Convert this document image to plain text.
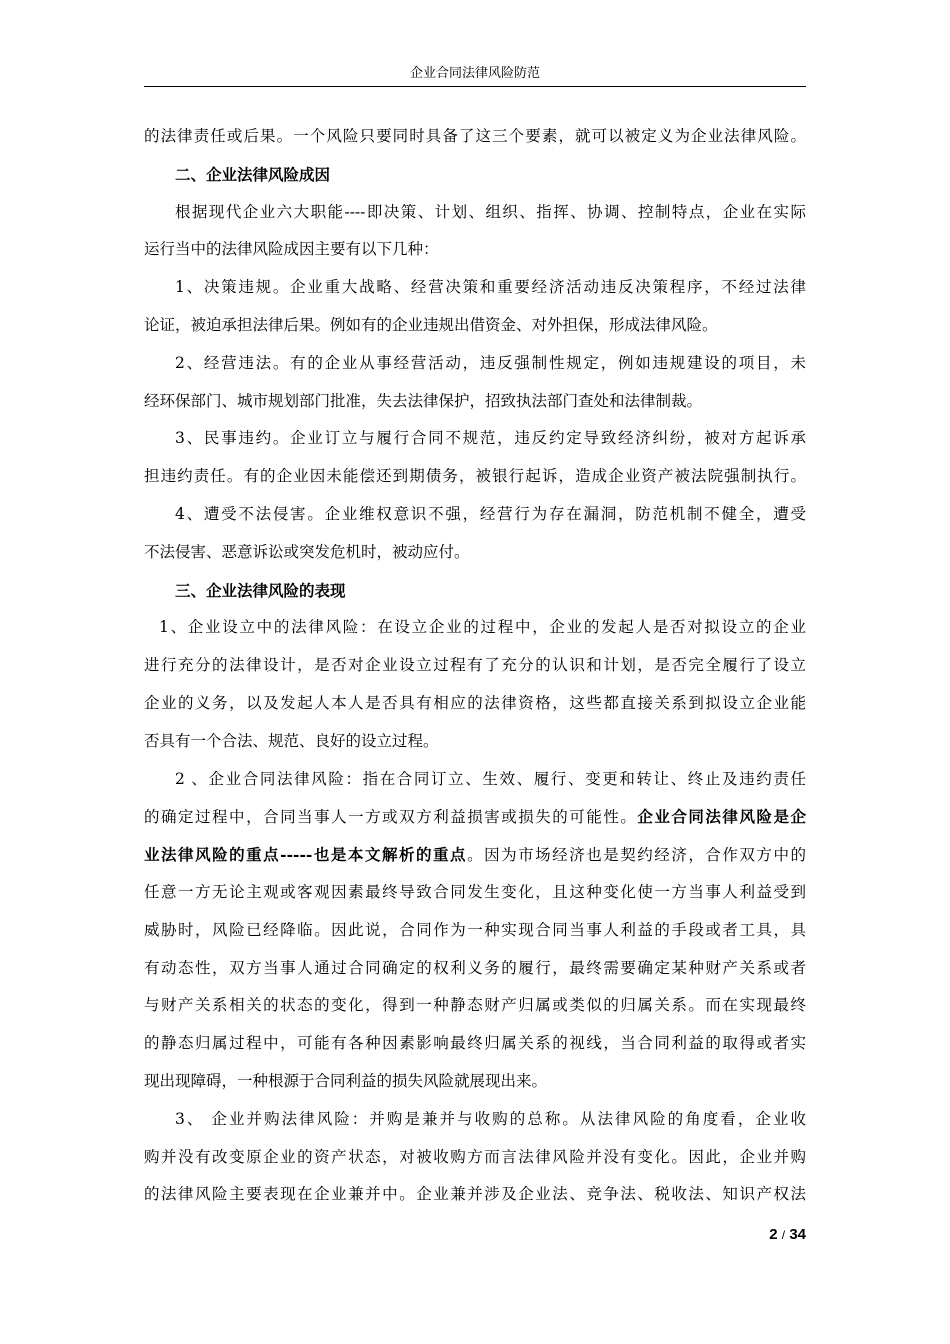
企业合同法律风险防范
的法律责任或后果。一个风险只要同时具备了这三个要素，就可以被定义为企业法律风险。
二、企业法律风险成因
根据现代企业六大职能----即决策、计划、组织、指挥、协调、控制特点，企业在实际
运行当中的法律风险成因主要有以下几种：
1、决策违规。企业重大战略、经营决策和重要经济活动违反决策程序，不经过法律
论证，被迫承担法律后果。例如有的企业违规出借资金、对外担保，形成法律风险。
2、经营违法。有的企业从事经营活动，违反强制性规定，例如违规建设的项目，未
经环保部门、城市规划部门批准，失去法律保护，招致执法部门查处和法律制裁。
3、民事违约。企业订立与履行合同不规范，违反约定导致经济纠纷，被对方起诉承
担违约责任。有的企业因未能偿还到期债务，被银行起诉，造成企业资产被法院强制执行。
4、遭受不法侵害。企业维权意识不强，经营行为存在漏洞，防范机制不健全，遭受
不法侵害、恶意诉讼或突发危机时，被动应付。
三、企业法律风险的表现
1、企业设立中的法律风险：在设立企业的过程中，企业的发起人是否对拟设立的企业
进行充分的法律设计，是否对企业设立过程有了充分的认识和计划，是否完全履行了设立
企业的义务，以及发起人本人是否具有相应的法律资格，这些都直接关系到拟设立企业能
否具有一个合法、规范、良好的设立过程。
2 、企业合同法律风险：指在合同订立、生效、履行、变更和转让、终止及违约责任
的确定过程中，合同当事人一方或双方利益损害或损失的可能性。企业合同法律风险是企
业法律风险的重点-----也是本文解析的重点。因为市场经济也是契约经济，合作双方中的
任意一方无论主观或客观因素最终导致合同发生变化，且这种变化使一方当事人利益受到
威胁时，风险已经降临。因此说，合同作为一种实现合同当事人利益的手段或者工具，具
有动态性，双方当事人通过合同确定的权利义务的履行，最终需要确定某种财产关系或者
与财产关系相关的状态的变化，得到一种静态财产归属或类似的归属关系。而在实现最终
的静态归属过程中，可能有各种因素影响最终归属关系的视线，当合同利益的取得或者实
现出现障碍，一种根源于合同利益的损失风险就展现出来。
3、 企业并购法律风险：并购是兼并与收购的总称。从法律风险的角度看，企业收
购并没有改变原企业的资产状态，对被收购方而言法律风险并没有变化。因此，企业并购
的法律风险主要表现在企业兼并中。企业兼并涉及企业法、竞争法、税收法、知识产权法
2 / 34
